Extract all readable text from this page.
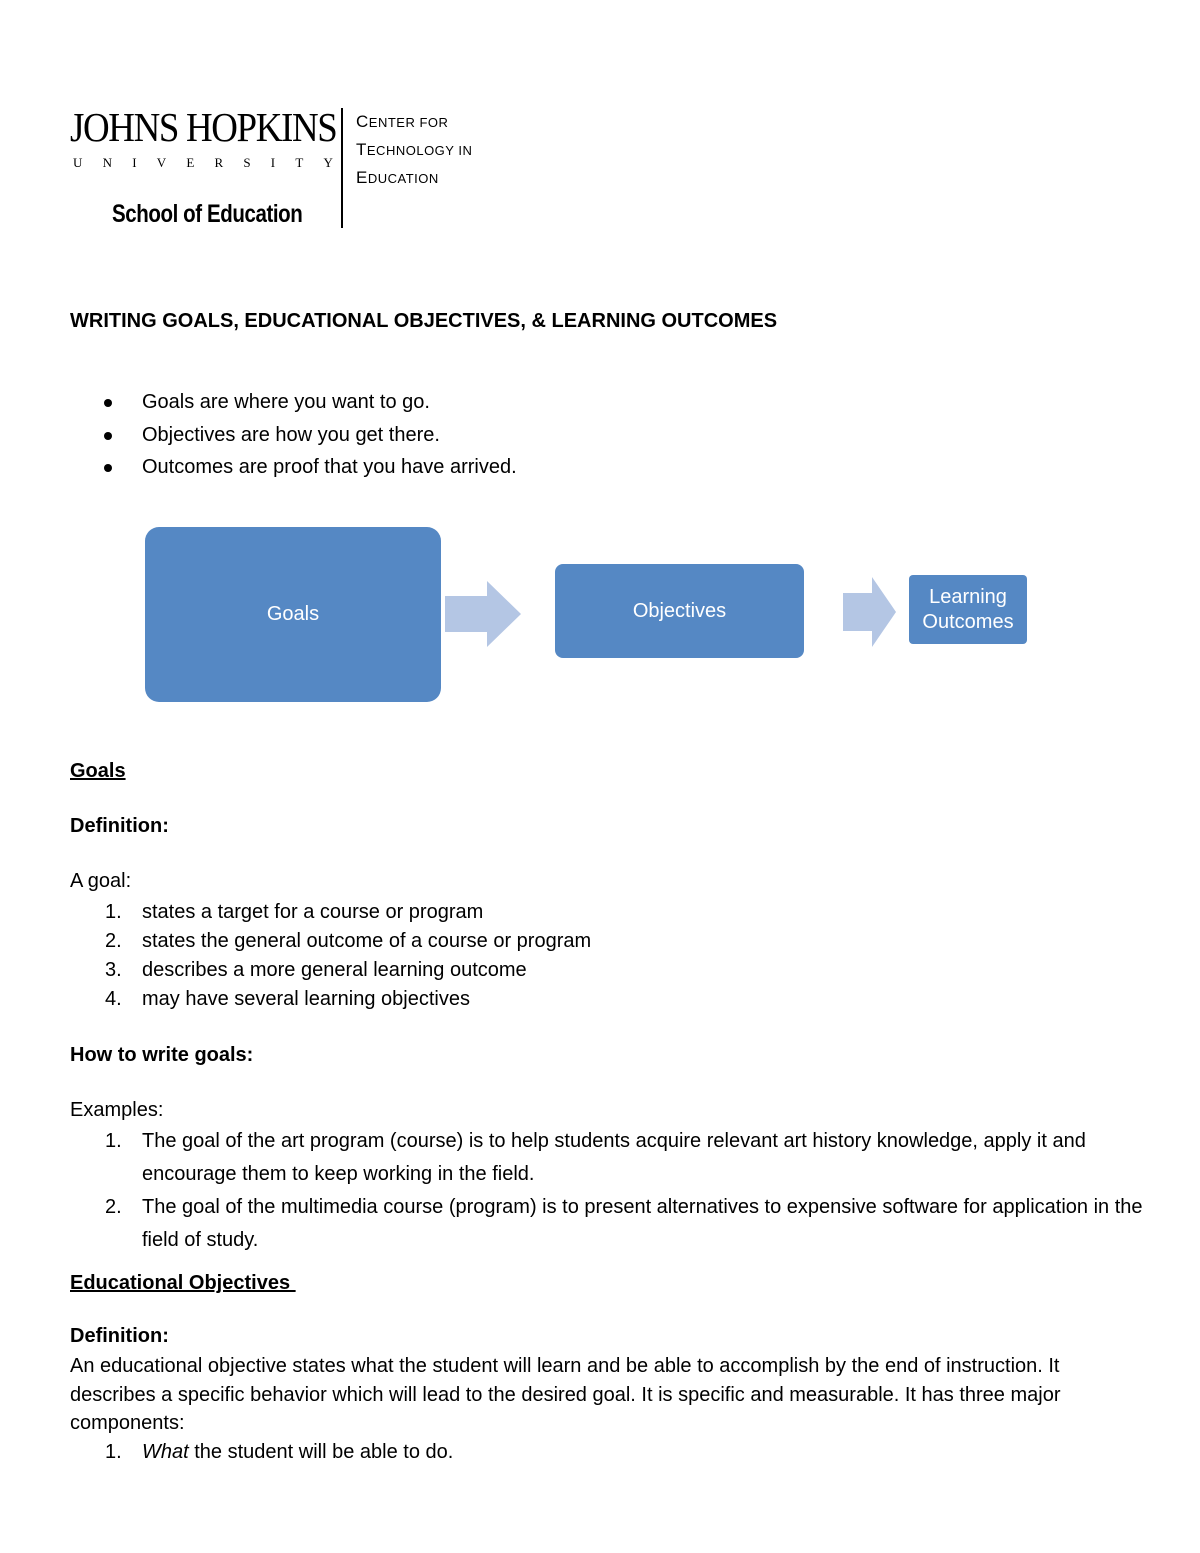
JOHNS HOPKINS
U N I V E R S I T Y
School of Education
CENTER FOR
TECHNOLOGY IN
EDUCATION
WRITING GOALS, EDUCATIONAL OBJECTIVES, & LEARNING OUTCOMES
Goals are where you want to go.
Objectives are how you get there.
Outcomes are proof that you have arrived.
Goals	Objectives
Learning
Outcomes
Goals
Definition:
A goal:
1. states a target for a course or program
2. states the general outcome of a course or program
3. describes a more general learning outcome
4. may have several learning objectives
How to write goals:
Examples:
1. The goal of the art program (course) is to help students acquire relevant art history knowledge, apply it and encourage them to keep working in the field.
2. The goal of the multimedia course (program) is to present alternatives to expensive software for application in the field of study.
Educational Objectives
Definition:
An educational objective states what the student will learn and be able to accomplish by the end of instruction. It describes a specific behavior which will lead to the desired goal. It is specific and measurable. It has three major components:
1. What the student will be able to do.
